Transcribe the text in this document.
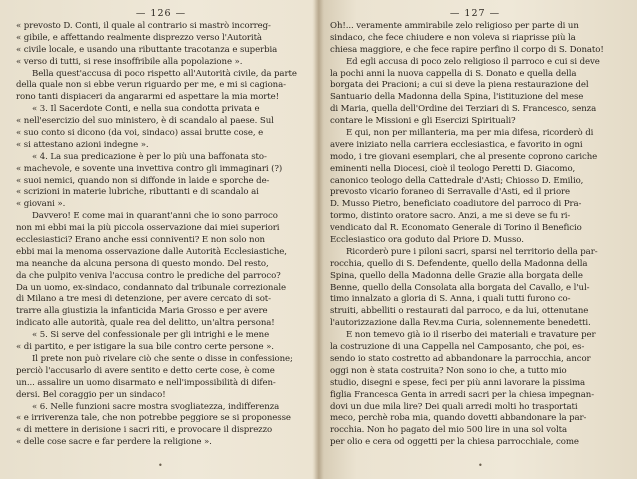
— 126 —
« prevosto D. Conti, il quale al contrario si mastrò incorreg-
« gibile, e affettando realmente disprezzo verso l'Autorità
« civile locale, e usando una ributtante tracotanza e superbia
« verso di tutti, si rese insoffribile alla popolazione ».
Bella quest'accusa di poco rispetto all'Autorità civile, da parte
della quale non si ebbe verun riguardo per me, e mi si cagiona-
rono tanti dispiaceri da angararmi ed aspettare la mia morte!
« 3. Il Sacerdote Conti, e nella sua condotta privata e
« nell'esercizio del suo ministero, è di scandalo al paese. Sul
« suo conto si dicono (da voi, sindaco) assai brutte cose, e
« si attestano azioni indegne ».
« 4. La sua predicazione è per lo più una baffonata sto-
« machevole, e sovente una invettiva contro gli immaginari (?)
« suoi nemici, quando non si diffonde in laide e sporche de-
« scrizioni in materie lubriche, ributtanti e di scandalo ai
« giovani ».
Davvero! E come mai in quarant'anni che io sono parroco
non mi ebbi mai la più piccola osservazione dai miei superiori
ecclesiastici? Erano anche essi conniventi? E non solo non
ebbi mai la menoma osservazione dalle Autorità Ecclesiastiche,
ma neanche da alcuna persona di questo mondo. Del resto,
da che pulpito veniva l'accusa contro le prediche del parroco?
Da un uomo, ex-sindaco, condannato dal tribunale correzionale
di Milano a tre mesi di detenzione, per avere cercato di sot-
trarre alla giustizia la infanticida Maria Grosso e per avere
indicato alle autorità, quale rea del delitto, un'altra persona!
« 5. Si serve del confessionale per gli intrighi e le mene
« di partito, e per istigare la sua bile contro certe persone ».
Il prete non può rivelare ciò che sente o disse in confessione;
perciò l'accusarlo di avere sentito e detto certe cose, è come
un... assalire un uomo disarmato e nell'impossibilità di difen-
dersi. Bel coraggio per un sindaco!
« 6. Nelle funzioni sacre mostra svogliatezza, indifferenza
« e irriverenza tale, che non potrebbe peggiore se si proponesse
« di mettere in derisione i sacri riti, e provocare il disprezzo
« delle cose sacre e far perdere la religione ».
— 127 —
Oh!... veramente ammirabile zelo religioso per parte di un
sindaco, che fece chiudere e non voleva si riaprisse più la
chiesa maggiore, e che fece rapire perfino il corpo di S. Donato!
Ed egli accusa di poco zelo religioso il parroco e cui si deve
la pochi anni la nuova cappella di S. Donato e quella della
borgata dei Pracioni; a cui si deve la piena restaurazione del
Santuario della Madonna della Spina, l'istituzione del mese
di Maria, quella dell'Ordine dei Terziari di S. Francesco, senza
contare le Missioni e gli Esercizi Spirituali?
E qui, non per millanteria, ma per mia difesa, ricorderò di
avere iniziato nella carriera ecclesiastica, e favorito in ogni
modo, i tre giovani esemplari, che al presente coprono cariche
eminenti nella Diocesi, cioè il teologo Peretti D. Giacomo,
canonico teologo della Cattedrale d'Asti; Chiosso D. Emilio,
prevosto vicario foraneo di Serravalle d'Asti, ed il priore
D. Musso Pietro, beneficiato coadiutore del parroco di Pra-
tormo, distinto oratore sacro. Anzi, a me si deve se fu ri-
vendicato dal R. Economato Generale di Torino il Beneficio
Ecclesiastico ora goduto dal Priore D. Musso.
Ricorderò pure i piloni sacri, sparsi nel territorio della par-
rocchia, quello di S. Defendente, quello della Madonna della
Spina, quello della Madonna delle Grazie alla borgata delle
Benne, quello della Consolata alla borgata del Cavallo, e l'ul-
timo innalzato a gloria di S. Anna, i quali tutti furono co-
struiti, abbelliti o restaurati dal parroco, e da lui, ottenutane
l'autorizzazione dalla Rev.ma Curia, solennemente benedetti.
E non temevo già io il riserbo dei materiali e travature per
la costruzione di una Cappella nel Camposanto, che poi, es-
sendo io stato costretto ad abbandonare la parrocchia, ancor
oggi non è stata costruita? Non sono io che, a tutto mio
studio, disegni e spese, feci per più anni lavorare la pissima
figlia Francesca Genta in arredi sacri per la chiesa impegnan-
dovi un due mila lire? Dei quali arredi molti ho trasportati
meco, perchè roba mia, quando dovetti abbandonare la par-
rocchia. Non ho pagato del mio 500 lire in una sol volta
per olio e cera od oggetti per la chiesa parrocchiale, come
•	•
